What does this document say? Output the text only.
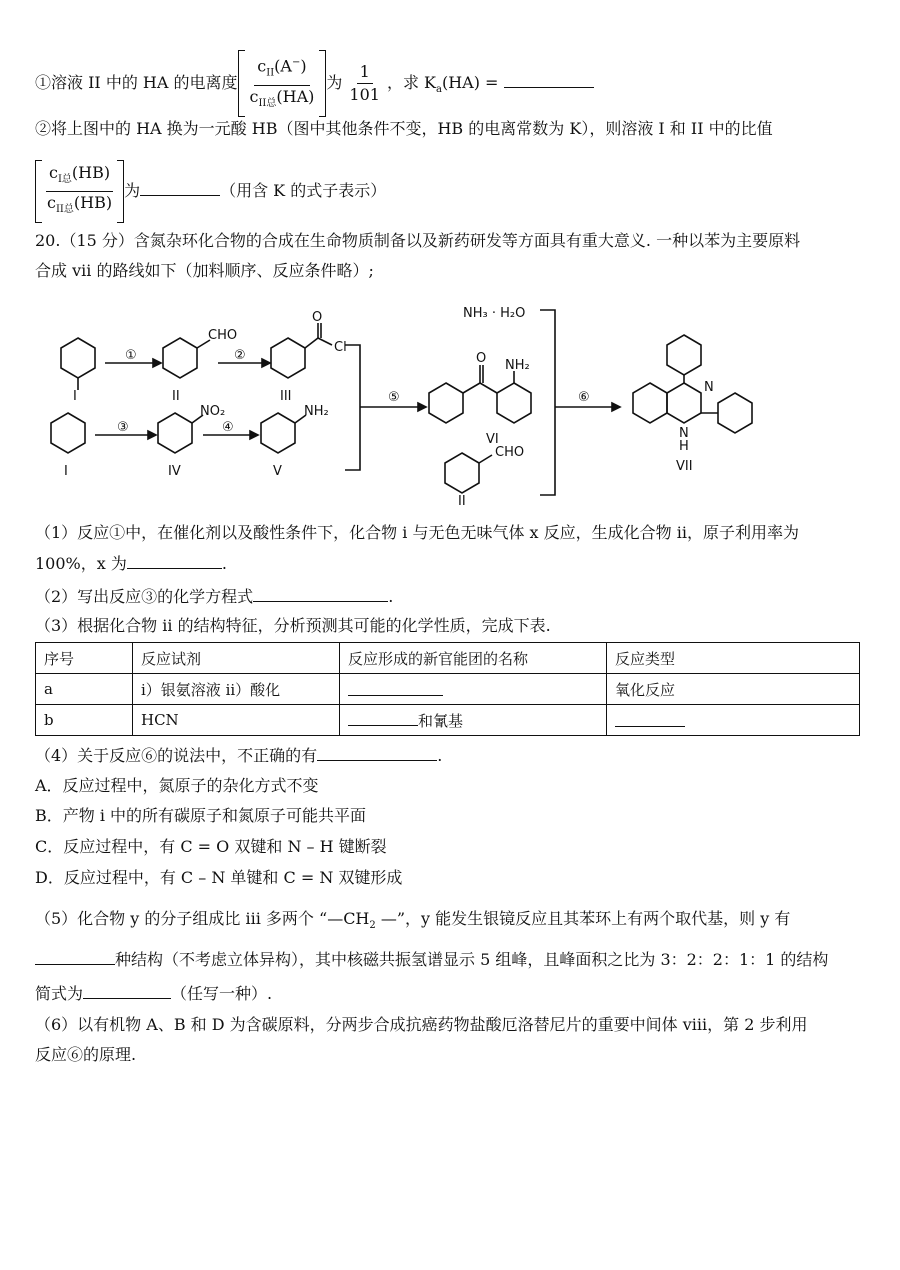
①溶液 II 中的 HA 的电离度 $\frac{c_{II}(A^-)}{c_{II总}(HA)}$ 为 $\frac{1}{101}$ ，求 $K_a(HA)$ =
②将上图中的 HA 换为一元酸 HB（图中其他条件不变，HB 的电离常数为 K），则溶液 I 和 II 中的比值
$\frac{c_{I总}(HB)}{c_{II总}(HB)}$ 为	（用含 K 的式子表示）
20.（15 分）含氮杂环化合物的合成在生命物质制备以及新药研发等方面具有重大意义. 一种以苯为主要原料
合成 vii 的路线如下（加料顺序、反应条件略）;
I
①
II
CHO
②
III
O
Cl
I
③
IV
NO₂
④
V
NH₂
⑤
O NH₂
VI
NH₃ · H₂O
CHO
II
⑥
N
N
H
VII
（1）反应①中，在催化剂以及酸性条件下，化合物 i 与无色无味气体 x 反应，生成化合物 ii，原子利用率为
100%，x 为	.
（2）写出反应③的化学方程式	.
（3）根据化合物 ii 的结构特征，分析预测其可能的化学性质，完成下表.
序号	反应试剂	反应形成的新官能团的名称	反应类型
a	i）银氨溶液 ii）酸化		氧化反应
b	HCN	和氰基	
（4）关于反应⑥的说法中，不正确的有	.
A．反应过程中，氮原子的杂化方式不变
B．产物 i 中的所有碳原子和氮原子可能共平面
C．反应过程中，有 C = O 双键和 N – H 键断裂
D．反应过程中，有 C – N 单键和 C = N 双键形成
（5）化合物 y 的分子组成比 iii 多两个 “$—CH_2$ —”，y 能发生银镜反应且其苯环上有两个取代基，则 y 有
种结构（不考虑立体异构），其中核磁共振氢谱显示 5 组峰，且峰面积之比为 3：2：2：1：1 的结构
简式为	（任写一种）.
（6）以有机物 A、B 和 D 为含碳原料，分两步合成抗癌药物盐酸厄洛替尼片的重要中间体 viii，第 2 步利用
反应⑥的原理.
